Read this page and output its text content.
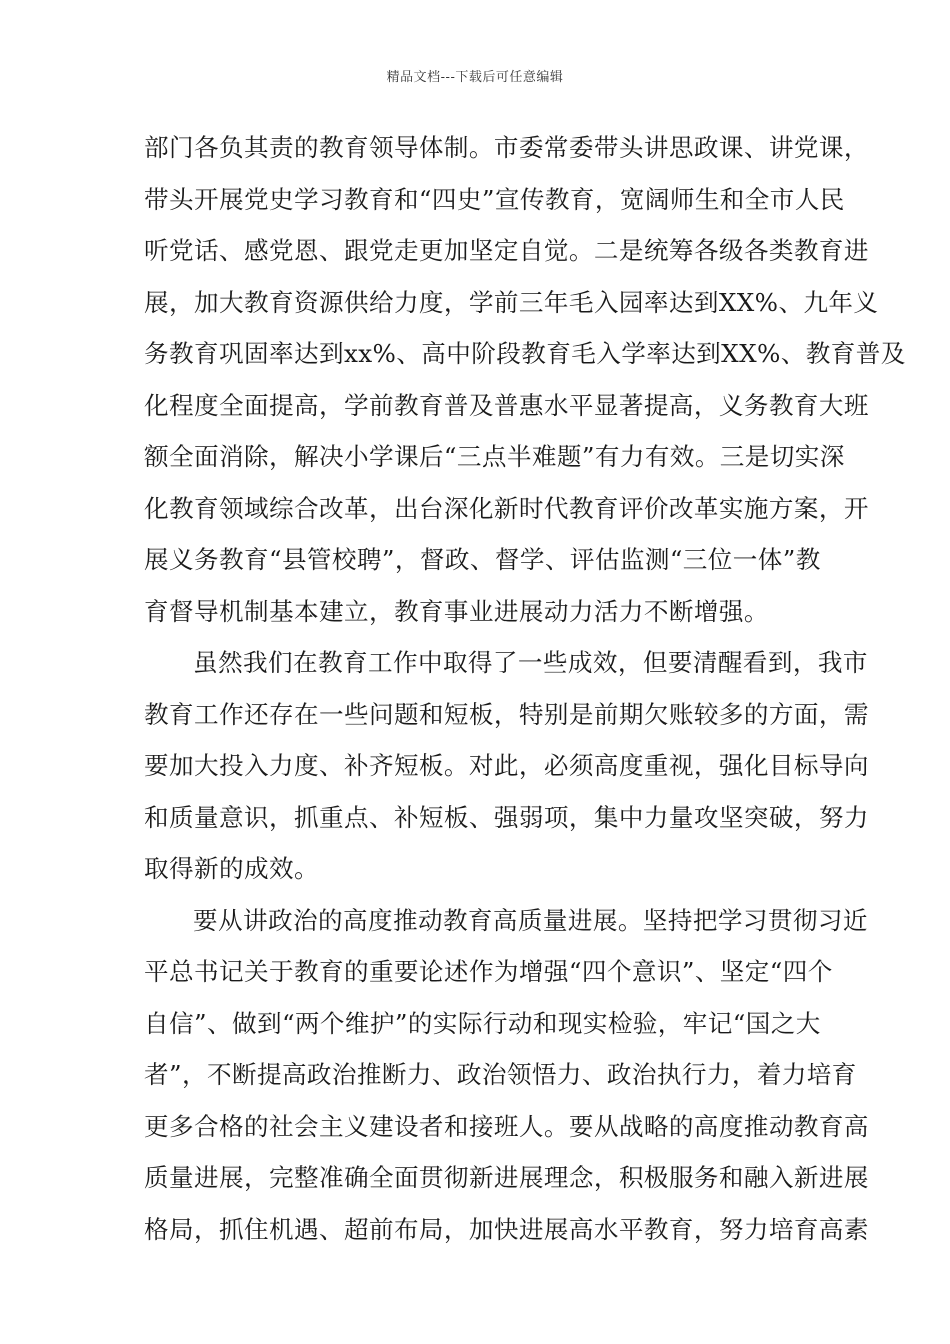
精品文档---下载后可任意编辑

部门各负其责的教育领导体制。市委常委带头讲思政课、讲党课，
带头开展党史学习教育和“四史”宣传教育，宽阔师生和全市人民
听党话、感党恩、跟党走更加坚定自觉。二是统筹各级各类教育进
展，加大教育资源供给力度，学前三年毛入园率达到XX%、九年义
务教育巩固率达到xx%、高中阶段教育毛入学率达到XX%、教育普及
化程度全面提高，学前教育普及普惠水平显著提高，义务教育大班
额全面消除，解决小学课后“三点半难题”有力有效。三是切实深
化教育领域综合改革，出台深化新时代教育评价改革实施方案，开
展义务教育“县管校聘”，督政、督学、评估监测“三位一体”教
育督导机制基本建立，教育事业进展动力活力不断增强。

虽然我们在教育工作中取得了一些成效，但要清醒看到，我市
教育工作还存在一些问题和短板，特别是前期欠账较多的方面，需
要加大投入力度、补齐短板。对此，必须高度重视，强化目标导向
和质量意识，抓重点、补短板、强弱项，集中力量攻坚突破，努力
取得新的成效。

要从讲政治的高度推动教育高质量进展。坚持把学习贯彻习近
平总书记关于教育的重要论述作为增强“四个意识”、坚定“四个
自信”、做到“两个维护”的实际行动和现实检验，牢记“国之大
者”，不断提高政治推断力、政治领悟力、政治执行力，着力培育
更多合格的社会主义建设者和接班人。要从战略的高度推动教育高
质量进展，完整准确全面贯彻新进展理念，积极服务和融入新进展
格局，抓住机遇、超前布局，加快进展高水平教育，努力培育高素
